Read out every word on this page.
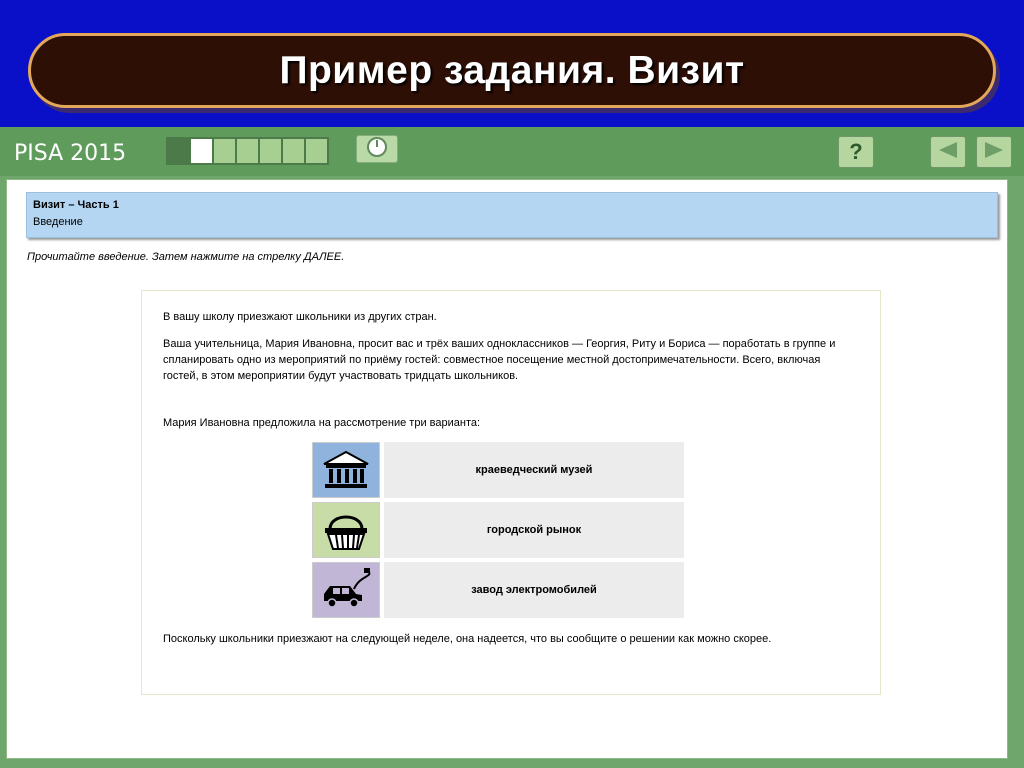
Пример задания. Визит
PISA 2015	?
Визит – Часть 1
Введение
Прочитайте введение. Затем нажмите на стрелку ДАЛЕЕ.

В вашу школу приезжают школьники из других стран.

Ваша учительница, Мария Ивановна, просит вас и трёх ваших одноклассников — Георгия, Риту и Бориса — поработать в группе и спланировать одно из мероприятий по приёму гостей: совместное посещение местной достопримечательности. Всего, включая гостей, в этом мероприятии будут участвовать тридцать школьников.

Мария Ивановна предложила на рассмотрение три варианта:

краеведческий музей
городской рынок
завод электромобилей

Поскольку школьники приезжают на следующей неделе, она надеется, что вы сообщите о решении как можно скорее.
